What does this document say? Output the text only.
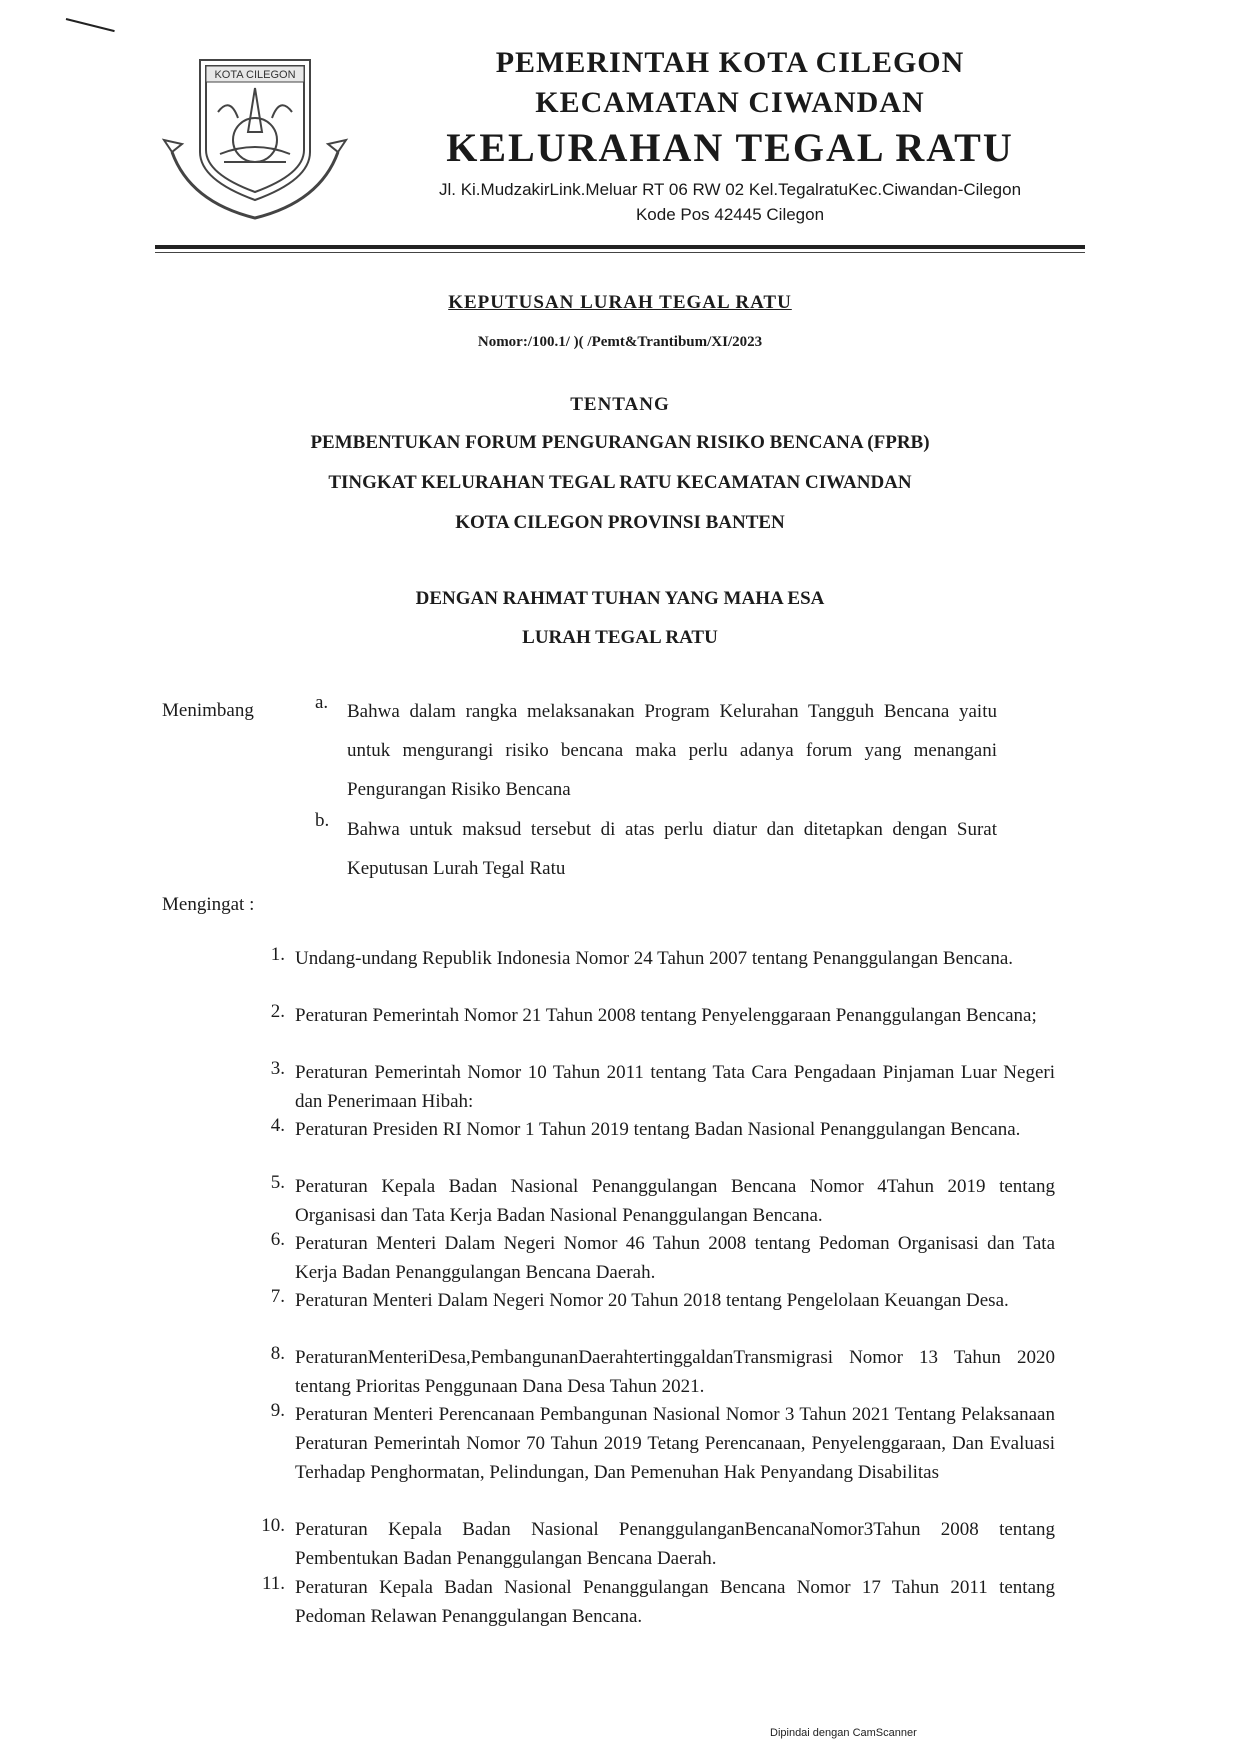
KOTA CILEGON	PEMERINTAH KOTA CILEGON
KECAMATAN CIWANDAN
KELURAHAN TEGAL RATU
Jl. Ki.MudzakirLink.Meluar RT 06 RW 02 Kel.TegalratuKec.Ciwandan-Cilegon
Kode Pos 42445 Cilegon
KEPUTUSAN LURAH TEGAL RATU
Nomor:/100.1/ )( /Pemt&Trantibum/XI/2023
TENTANG
PEMBENTUKAN FORUM PENGURANGAN RISIKO BENCANA (FPRB)
TINGKAT KELURAHAN TEGAL RATU KECAMATAN CIWANDAN
KOTA CILEGON PROVINSI BANTEN
DENGAN RAHMAT TUHAN YANG MAHA ESA
LURAH TEGAL RATU
Menimbang	a. Bahwa dalam rangka melaksanakan Program Kelurahan Tangguh Bencana yaitu untuk mengurangi risiko bencana maka perlu adanya forum yang menangani Pengurangan Risiko Bencana
b. Bahwa untuk maksud tersebut di atas perlu diatur dan ditetapkan dengan Surat Keputusan Lurah Tegal Ratu
Mengingat :
1. Undang-undang Republik Indonesia Nomor 24 Tahun 2007 tentang Penanggulangan Bencana.
2. Peraturan Pemerintah Nomor 21 Tahun 2008 tentang Penyelenggaraan Penanggulangan Bencana;
3. Peraturan Pemerintah Nomor 10 Tahun 2011 tentang Tata Cara Pengadaan Pinjaman Luar Negeri dan Penerimaan Hibah:
4. Peraturan Presiden RI Nomor 1 Tahun 2019 tentang Badan Nasional Penanggulangan Bencana.
5. Peraturan Kepala Badan Nasional Penanggulangan Bencana Nomor 4Tahun 2019 tentang Organisasi dan Tata Kerja Badan Nasional Penanggulangan Bencana.
6. Peraturan Menteri Dalam Negeri Nomor 46 Tahun 2008 tentang Pedoman Organisasi dan Tata Kerja Badan Penanggulangan Bencana Daerah.
7. Peraturan Menteri Dalam Negeri Nomor 20 Tahun 2018 tentang Pengelolaan Keuangan Desa.
8. PeraturanMenteriDesa,PembangunanDaerahtertinggaldanTransmigrasi Nomor 13 Tahun 2020 tentang Prioritas Penggunaan Dana Desa Tahun 2021.
9. Peraturan Menteri Perencanaan Pembangunan Nasional Nomor 3 Tahun 2021 Tentang Pelaksanaan Peraturan Pemerintah Nomor 70 Tahun 2019 Tetang Perencanaan, Penyelenggaraan, Dan Evaluasi Terhadap Penghormatan, Pelindungan, Dan Pemenuhan Hak Penyandang Disabilitas
10. Peraturan Kepala Badan Nasional PenanggulanganBencanaNomor3Tahun 2008 tentang Pembentukan Badan Penanggulangan Bencana Daerah.
11. Peraturan Kepala Badan Nasional Penanggulangan Bencana Nomor 17 Tahun 2011 tentang Pedoman Relawan Penanggulangan Bencana.
Dipindai dengan CamScanner
